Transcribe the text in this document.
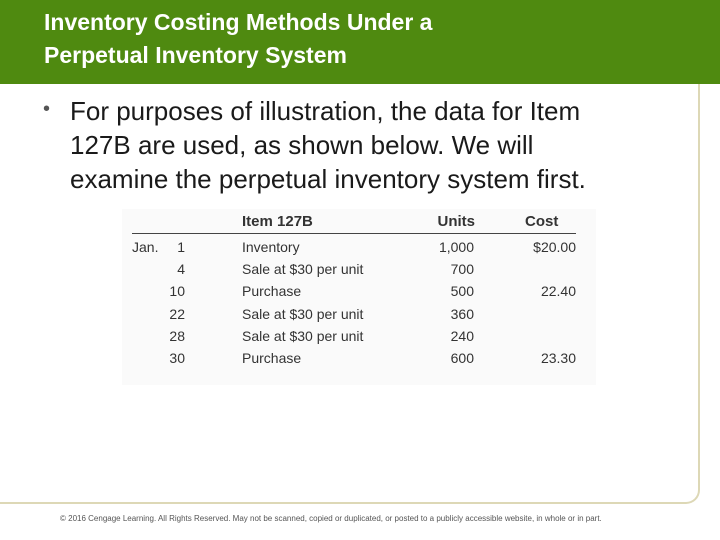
Inventory Costing Methods Under a
Perpetual Inventory System
• For purposes of illustration, the data for Item
127B are used, as shown below. We will
examine the perpetual inventory system first.
Item 127B	Units	Cost
Jan.	1	Inventory	1,000	$20.00
4	Sale at $30 per unit	700
10	Purchase	500	22.40
22	Sale at $30 per unit	360
28	Sale at $30 per unit	240
30	Purchase	600	23.30
© 2016 Cengage Learning. All Rights Reserved. May not be scanned, copied or duplicated, or posted to a publicly accessible website, in whole or in part.
